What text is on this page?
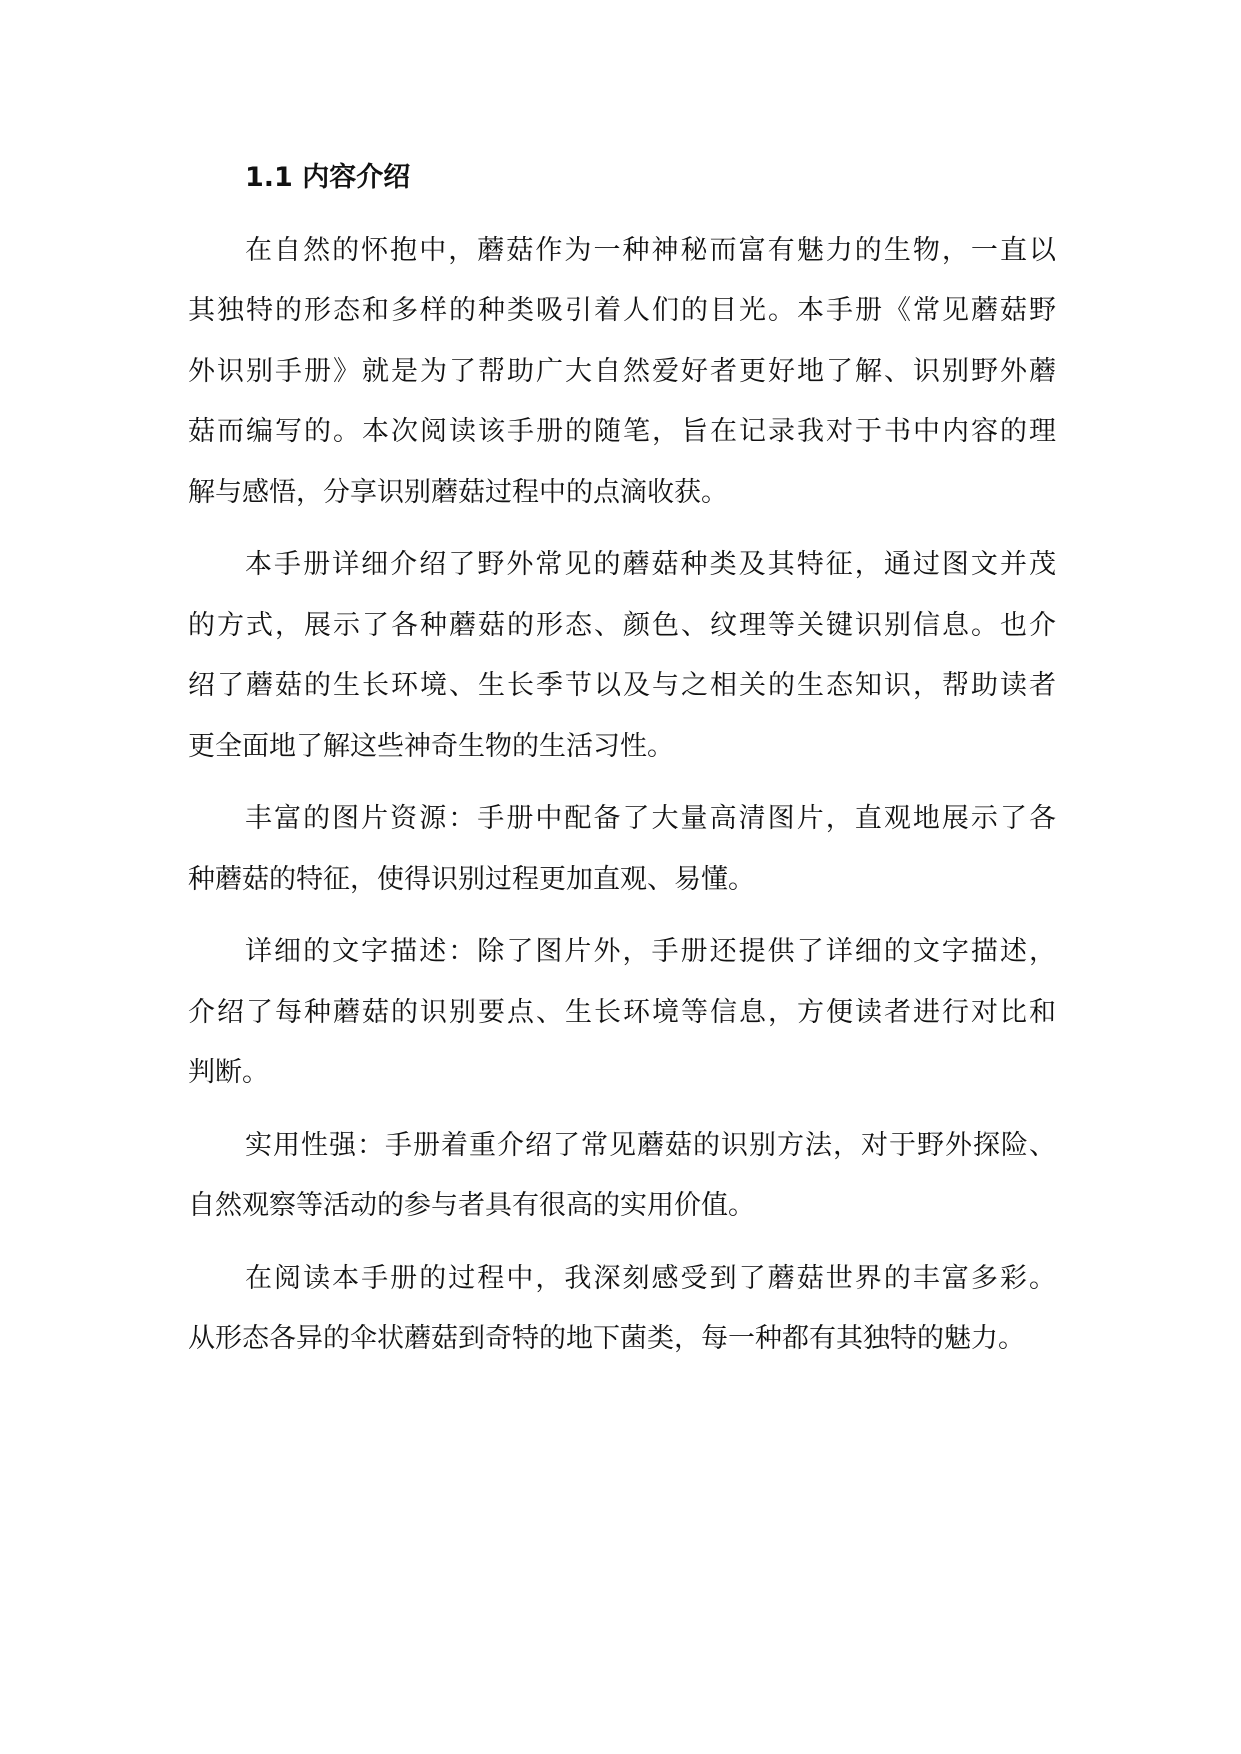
1.1 内容介绍
在自然的怀抱中，蘑菇作为一种神秘而富有魅力的生物，一直以
其独特的形态和多样的种类吸引着人们的目光。本手册《常见蘑菇野
外识别手册》就是为了帮助广大自然爱好者更好地了解、识别野外蘑
菇而编写的。本次阅读该手册的随笔，旨在记录我对于书中内容的理
解与感悟，分享识别蘑菇过程中的点滴收获。
本手册详细介绍了野外常见的蘑菇种类及其特征，通过图文并茂
的方式，展示了各种蘑菇的形态、颜色、纹理等关键识别信息。也介
绍了蘑菇的生长环境、生长季节以及与之相关的生态知识，帮助读者
更全面地了解这些神奇生物的生活习性。
丰富的图片资源：手册中配备了大量高清图片，直观地展示了各
种蘑菇的特征，使得识别过程更加直观、易懂。
详细的文字描述：除了图片外，手册还提供了详细的文字描述，
介绍了每种蘑菇的识别要点、生长环境等信息，方便读者进行对比和
判断。
实用性强：手册着重介绍了常见蘑菇的识别方法，对于野外探险、
自然观察等活动的参与者具有很高的实用价值。
在阅读本手册的过程中，我深刻感受到了蘑菇世界的丰富多彩。
从形态各异的伞状蘑菇到奇特的地下菌类，每一种都有其独特的魅力。
